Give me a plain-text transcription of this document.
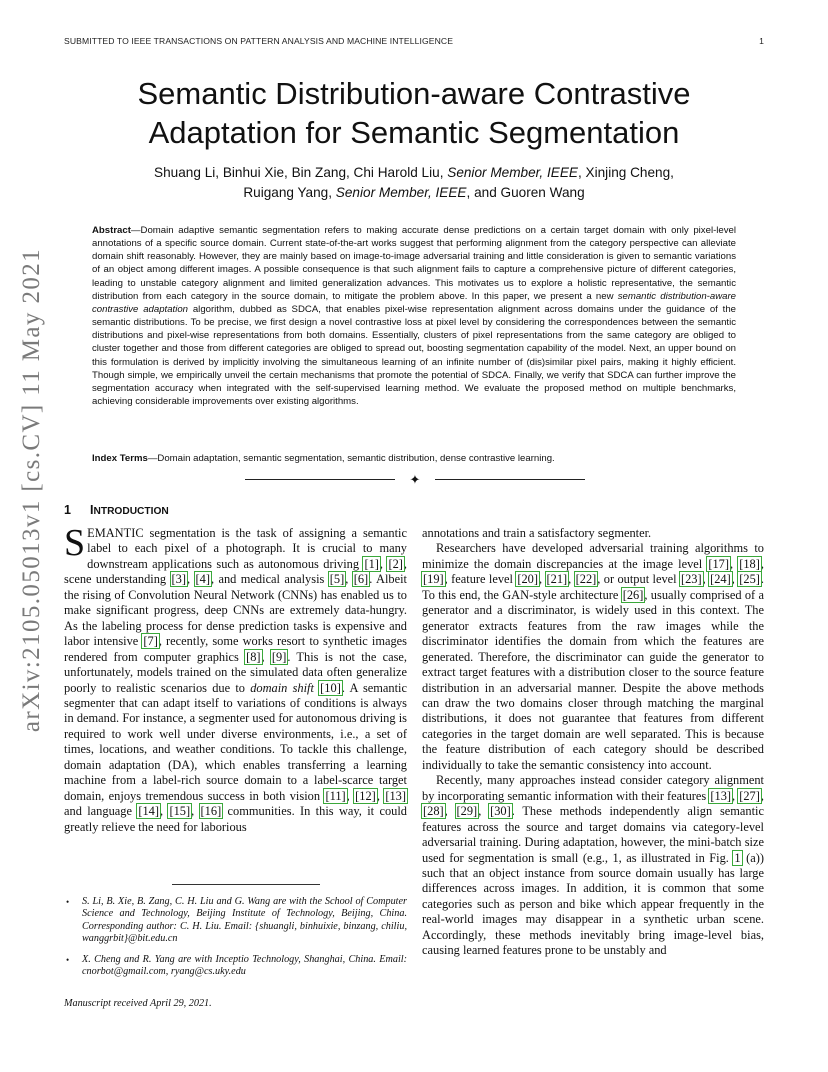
SUBMITTED TO IEEE TRANSACTIONS ON PATTERN ANALYSIS AND MACHINE INTELLIGENCE	1
arXiv:2105.05013v1 [cs.CV] 11 May 2021
Semantic Distribution-aware Contrastive
Adaptation for Semantic Segmentation
Shuang Li, Binhui Xie, Bin Zang, Chi Harold Liu, Senior Member, IEEE, Xinjing Cheng,
Ruigang Yang, Senior Member, IEEE, and Guoren Wang
Abstract—Domain adaptive semantic segmentation refers to making accurate dense predictions on a certain target domain with only pixel-level annotations of a specific source domain. Current state-of-the-art works suggest that performing alignment from the category perspective can alleviate domain shift reasonably. However, they are mainly based on image-to-image adversarial training and little consideration is given to semantic variations of an object among different images. A possible consequence is that such alignment fails to capture a comprehensive picture of different categories, leading to unstable category alignment and limited generalization advances. This motivates us to explore a holistic representative, the semantic distribution from each category in the source domain, to mitigate the problem above. In this paper, we present a new semantic distribution-aware contrastive adaptation algorithm, dubbed as SDCA, that enables pixel-wise representation alignment across domains under the guidance of the semantic distributions. To be precise, we first design a novel contrastive loss at pixel level by considering the correspondences between the semantic distributions and pixel-wise representations from both domains. Essentially, clusters of pixel representations from the same category are obliged to cluster together and those from different categories are obliged to spread out, boosting segmentation capability of the model. Next, an upper bound on this formulation is derived by implicitly involving the simultaneous learning of an infinite number of (dis)similar pixel pairs, making it highly efficient. Though simple, we empirically unveil the certain mechanisms that promote the potential of SDCA. Finally, we verify that SDCA can further improve the segmentation accuracy when integrated with the self-supervised learning method. We evaluate the proposed method on multiple benchmarks, achieving considerable improvements over existing algorithms.
Index Terms—Domain adaptation, semantic segmentation, semantic distribution, dense contrastive learning.
✦
1 INTRODUCTION

SEMANTIC segmentation is the task of assigning a semantic label to each pixel of a photograph. It is crucial to many downstream applications such as autonomous driving [1], [2], scene understanding [3], [4], and medical analysis [5], [6]. Albeit the rising of Convolution Neural Network (CNNs) has enabled us to make significant progress, deep CNNs are extremely data-hungry. As the labeling process for dense prediction tasks is expensive and labor intensive [7], recently, some works resort to synthetic images rendered from computer graphics [8], [9]. This is not the case, unfortunately, models trained on the simulated data often generalize poorly to realistic scenarios due to domain shift [10]. A semantic segmenter that can adapt itself to variations of conditions is always in demand. For instance, a segmenter used for autonomous driving is required to work well under diverse environments, i.e., a set of times, locations, and weather conditions. To tackle this challenge, domain adaptation (DA), which enables transferring a learning machine from a label-rich source domain to a label-scarce target domain, enjoys tremendous success in both vision [11], [12], [13] and language [14], [15], [16] communities. In this way, it could greatly relieve the need for laborious

•	S. Li, B. Xie, B. Zang, C. H. Liu and G. Wang are with the School of Computer Science and Technology, Beijing Institute of Technology, Beijing, China. Corresponding author: C. H. Liu. Email: {shuangli, binhuixie, binzang, chiliu, wanggrbit}@bit.edu.cn
•	X. Cheng and R. Yang are with Inceptio Technology, Shanghai, China. Email: cnorbot@gmail.com, ryang@cs.uky.edu
Manuscript received April 29, 2021.

annotations and train a satisfactory segmenter.

Researchers have developed adversarial training algorithms to minimize the domain discrepancies at the image level [17], [18], [19], feature level [20], [21], [22], or output level [23], [24], [25]. To this end, the GAN-style architecture [26], usually comprised of a generator and a discriminator, is widely used in this context. The generator extracts features from the raw images while the discriminator identifies the domain from which the features are generated. Therefore, the discriminator can guide the generator to extract target features with a distribution closer to the source feature distribution in an adversarial manner. Despite the above methods can draw the two domains closer through matching the marginal distributions, it does not guarantee that features from different categories in the target domain are well separated. This is because the feature distribution of each category should be described individually to take the semantic consistency into account.

Recently, many approaches instead consider category alignment by incorporating semantic information with their features [13], [27], [28], [29], [30]. These methods independently align semantic features across the source and target domains via category-level adversarial training. During adaptation, however, the mini-batch size used for segmentation is small (e.g., 1, as illustrated in Fig. 1 (a)) such that an object instance from source domain usually has large differences across images. In addition, it is common that some categories such as person and bike which appear frequently in the real-world images may disappear in a synthetic urban scene. Accordingly, these methods inevitably bring image-level bias, causing learned features prone to be unstably and
